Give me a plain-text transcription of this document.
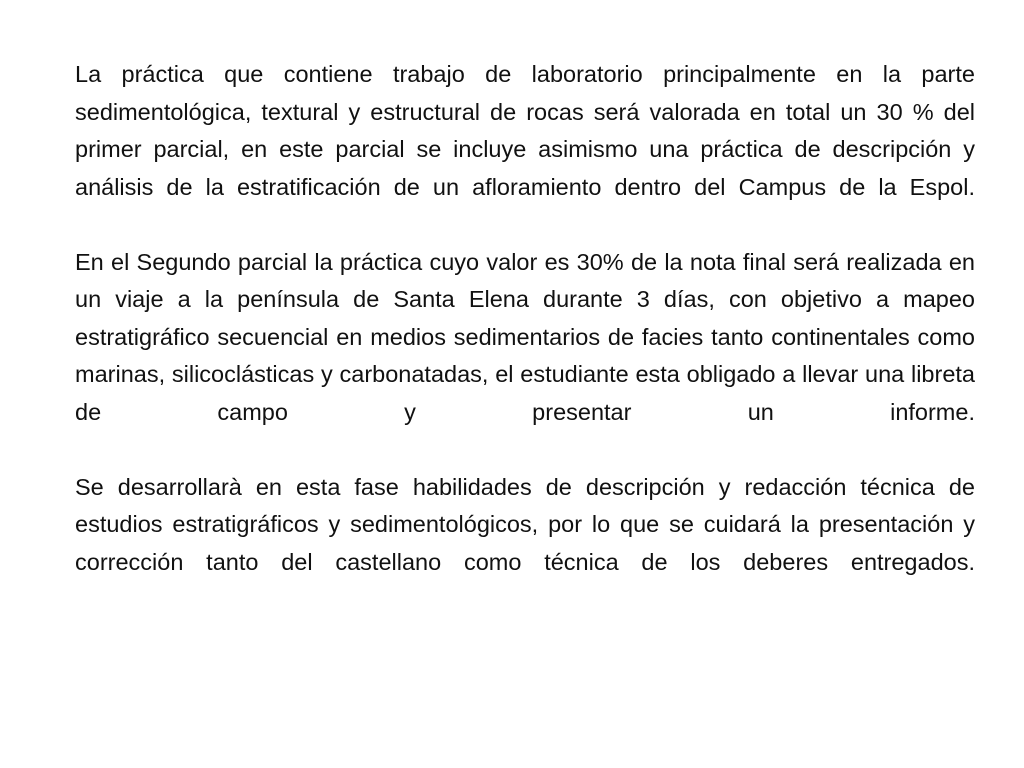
La práctica que contiene trabajo de laboratorio principalmente en la parte sedimentológica, textural y estructural de rocas será valorada en total un 30 % del primer parcial, en este parcial se incluye asimismo una práctica de descripción y análisis de la estratificación de un afloramiento dentro del Campus de la Espol.

En el Segundo parcial la práctica cuyo valor es 30% de la nota final será realizada en un viaje a la península de Santa Elena durante 3 días, con objetivo a mapeo estratigráfico secuencial en medios sedimentarios de facies tanto continentales como marinas, silicoclásticas y carbonatadas, el estudiante esta obligado a llevar una libreta de campo y presentar un informe.

Se desarrollarà en esta fase habilidades de descripción y redacción técnica de estudios estratigráficos y sedimentológicos, por lo que se cuidará la presentación y corrección tanto del castellano como técnica de los deberes entregados.
